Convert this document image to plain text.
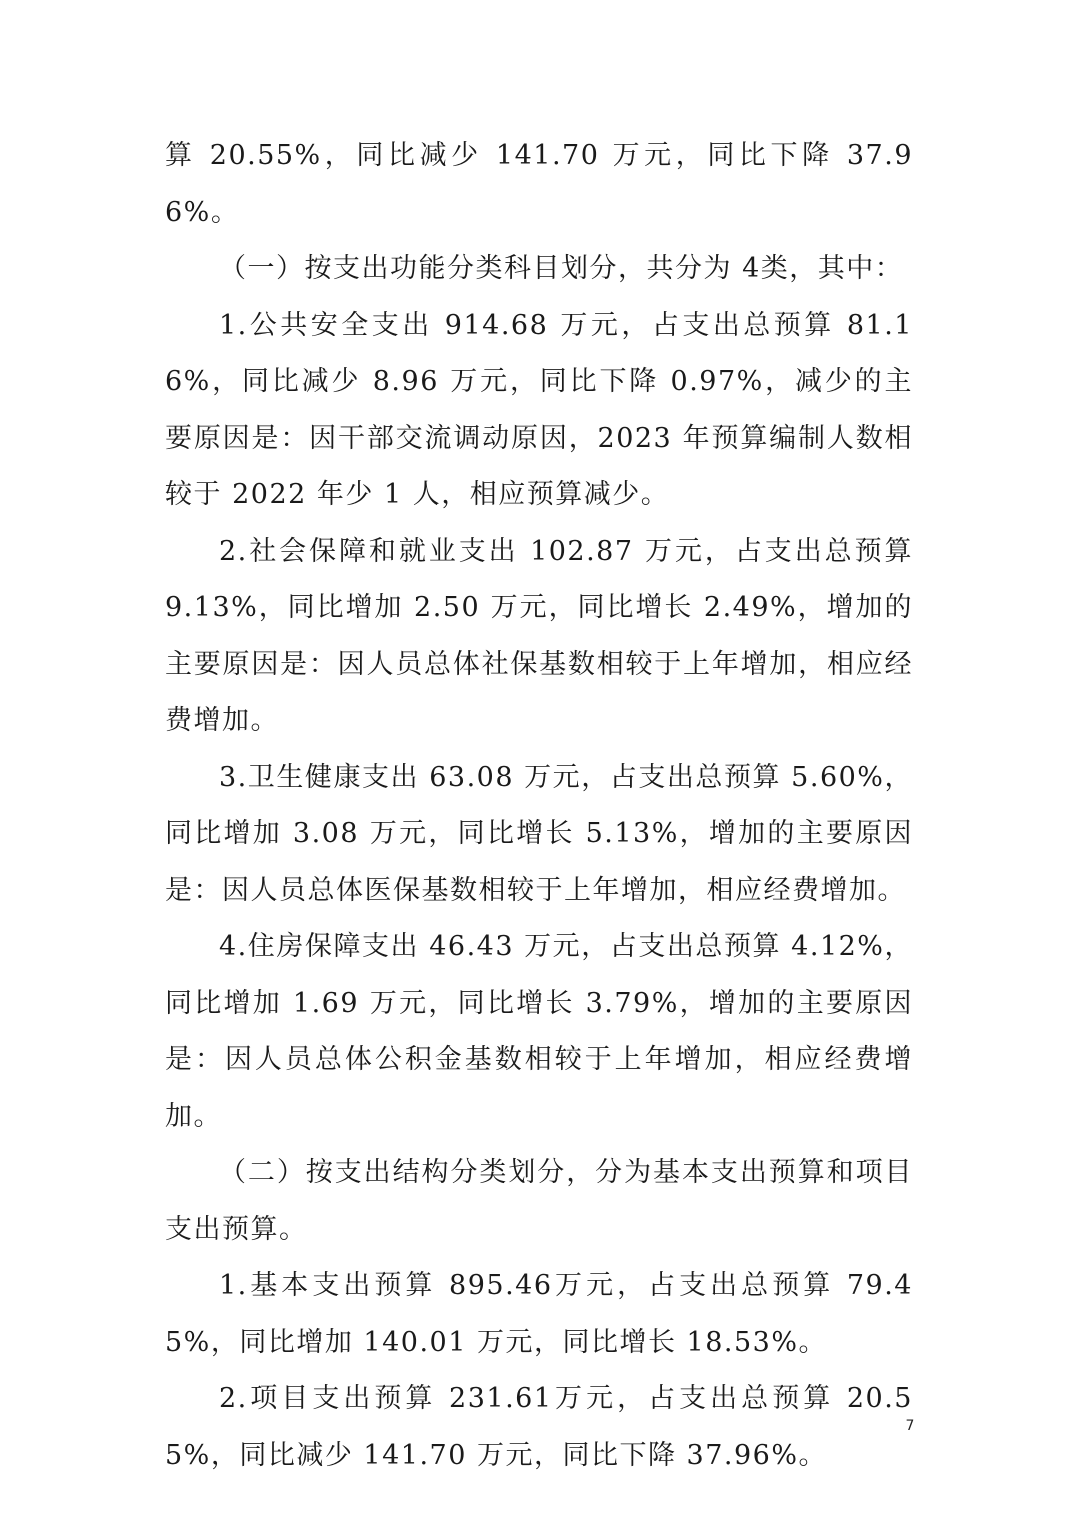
算 20.55%，同比减少 141.70 万元，同比下降 37.96%。

（一）按支出功能分类科目划分，共分为 4类，其中：

1.公共安全支出 914.68 万元，占支出总预算 81.16%，同比减少 8.96 万元，同比下降 0.97%，减少的主要原因是：因干部交流调动原因，2023 年预算编制人数相较于 2022 年少 1 人，相应预算减少。

2.社会保障和就业支出 102.87 万元，占支出总预算 9.13%，同比增加 2.50 万元，同比增长 2.49%，增加的主要原因是：因人员总体社保基数相较于上年增加，相应经费增加。

3.卫生健康支出 63.08 万元，占支出总预算 5.60%，同比增加 3.08 万元，同比增长 5.13%，增加的主要原因是：因人员总体医保基数相较于上年增加，相应经费增加。

4.住房保障支出 46.43 万元，占支出总预算 4.12%，同比增加 1.69 万元，同比增长 3.79%，增加的主要原因是：因人员总体公积金基数相较于上年增加，相应经费增加。

（二）按支出结构分类划分，分为基本支出预算和项目支出预算。

1.基本支出预算 895.46万元，占支出总预算 79.45%，同比增加 140.01 万元，同比增长 18.53%。

2.项目支出预算 231.61万元，占支出总预算 20.55%，同比减少 141.70 万元，同比下降 37.96%。

7
